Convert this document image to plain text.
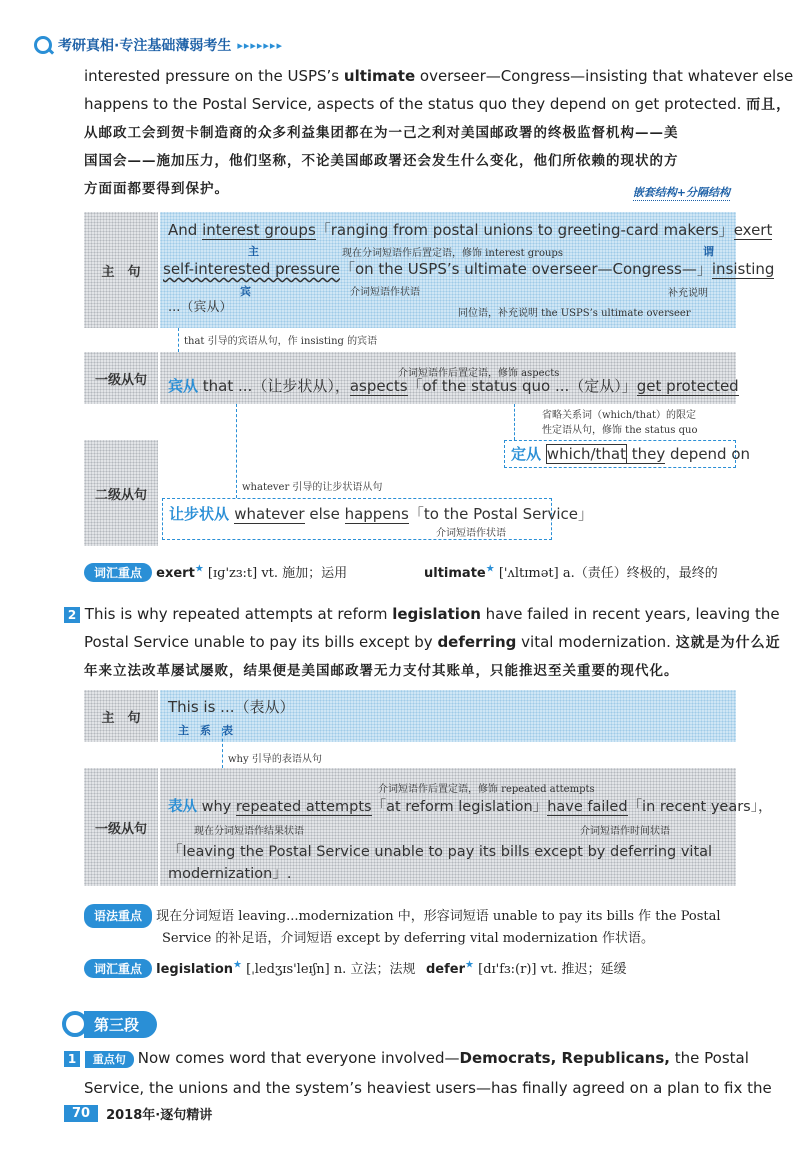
考研真相·专注基础薄弱考生 ▸▸▸▸▸▸▸
interested pressure on the USPS’s ultimate overseer—Congress—insisting that whatever else
happens to the Postal Service, aspects of the status quo they depend on get protected. 而且，
从邮政工会到贺卡制造商的众多利益集团都在为一己之利对美国邮政署的终极监督机构——美
国国会——施加压力，他们坚称，不论美国邮政署还会发生什么变化，他们所依赖的现状的方
方面面都要得到保护。	嵌套结构+分隔结构
主　句
And interest groups「ranging from postal unions to greeting-card makers」exert
主	现在分词短语作后置定语，修饰 interest groups	谓
self-interested pressure「on the USPS’s ultimate overseer—Congress—」insisting
介词短语作状语
宾	补充说明
...（宾从）	同位语，补充说明 the USPS’s ultimate overseer
that 引导的宾语从句，作 insisting 的宾语
一级从句	介词短语作后置定语，修饰 aspects
宾从 that ...（让步状从），aspects「of the status quo ...（定从）」get protected
省略关系词（which/that）的限定
性定语从句，修饰 the status quo
定从 which/that they depend on
二级从句	whatever 引导的让步状语从句
让步状从 whatever else happens「to the Postal Service」
介词短语作状语
词汇重点 exert★ [ɪɡ'zɜ:t] vt. 施加；运用	ultimate★ ['ʌltɪmət] a.（责任）终极的，最终的
2 This is why repeated attempts at reform legislation have failed in recent years, leaving the
Postal Service unable to pay its bills except by deferring vital modernization. 这就是为什么近
年来立法改革屡试屡败，结果便是美国邮政署无力支付其账单，只能推迟至关重要的现代化。
主　句
This is ...（表从）
主　系　表
why 引导的表语从句
一级从句
介词短语作后置定语，修饰 repeated attempts
表从 why repeated attempts「at reform legislation」have failed「in recent years」，
现在分词短语作结果状语	介词短语作时间状语
「leaving the Postal Service unable to pay its bills except by deferring vital
modernization」.
语法重点 现在分词短语 leaving...modernization 中，形容词短语 unable to pay its bills 作 the Postal
Service 的补足语，介词短语 except by deferring vital modernization 作状语。
词汇重点 legislation★ [ˌledʒɪs'leɪʃn] n. 立法；法规 defer★ [dɪ'fɜ:(r)] vt. 推迟；延缓
第三段
1 重点句 Now comes word that everyone involved—Democrats, Republicans, the Postal
Service, the unions and the system’s heaviest users—has finally agreed on a plan to fix the
70	2018年·逐句精讲
